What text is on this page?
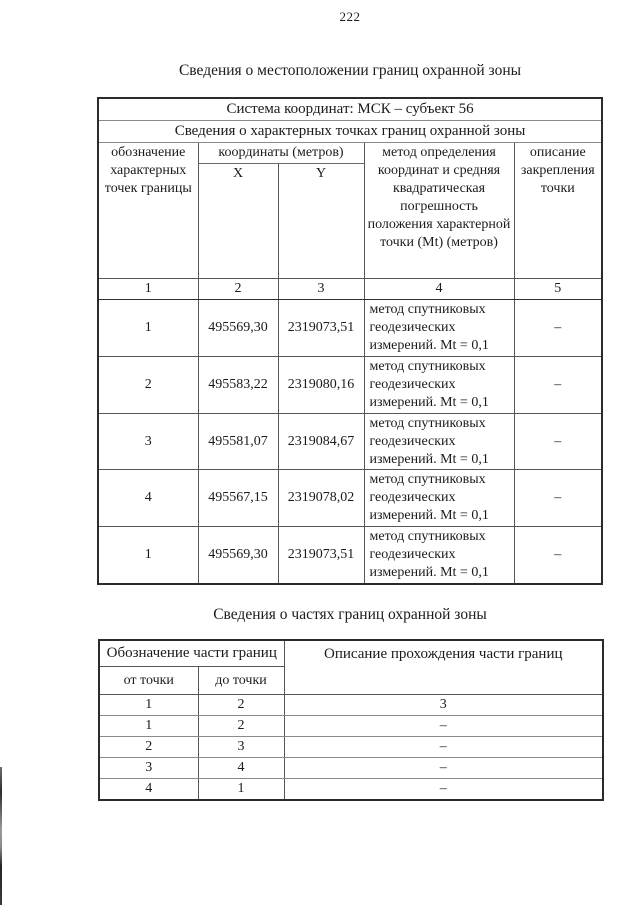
222
Сведения о местоположении границ охранной зоны
Система координат: МСК – субъект 56				
Сведения о характерных точках границ охранной зоны				
обозначение характерных точек границы	координаты (метров)		метод определения координат и средняя квадратическая погрешность положения характерной точки (Mt) (метров)	описание закрепления точки
	X	Y		
1	2	3	4	5
1	495569,30	2319073,51	метод спутниковых геодезических измерений. Mt = 0,1	–
2	495583,22	2319080,16	метод спутниковых геодезических измерений. Mt = 0,1	–
3	495581,07	2319084,67	метод спутниковых геодезических измерений. Mt = 0,1	–
4	495567,15	2319078,02	метод спутниковых геодезических измерений. Mt = 0,1	–
1	495569,30	2319073,51	метод спутниковых геодезических измерений. Mt = 0,1	–
Сведения о частях границ охранной зоны
Обозначение части границ		Описание прохождения части границ
от точки	до точки	
1	2	3
1	2	–
2	3	–
3	4	–
4	1	–
